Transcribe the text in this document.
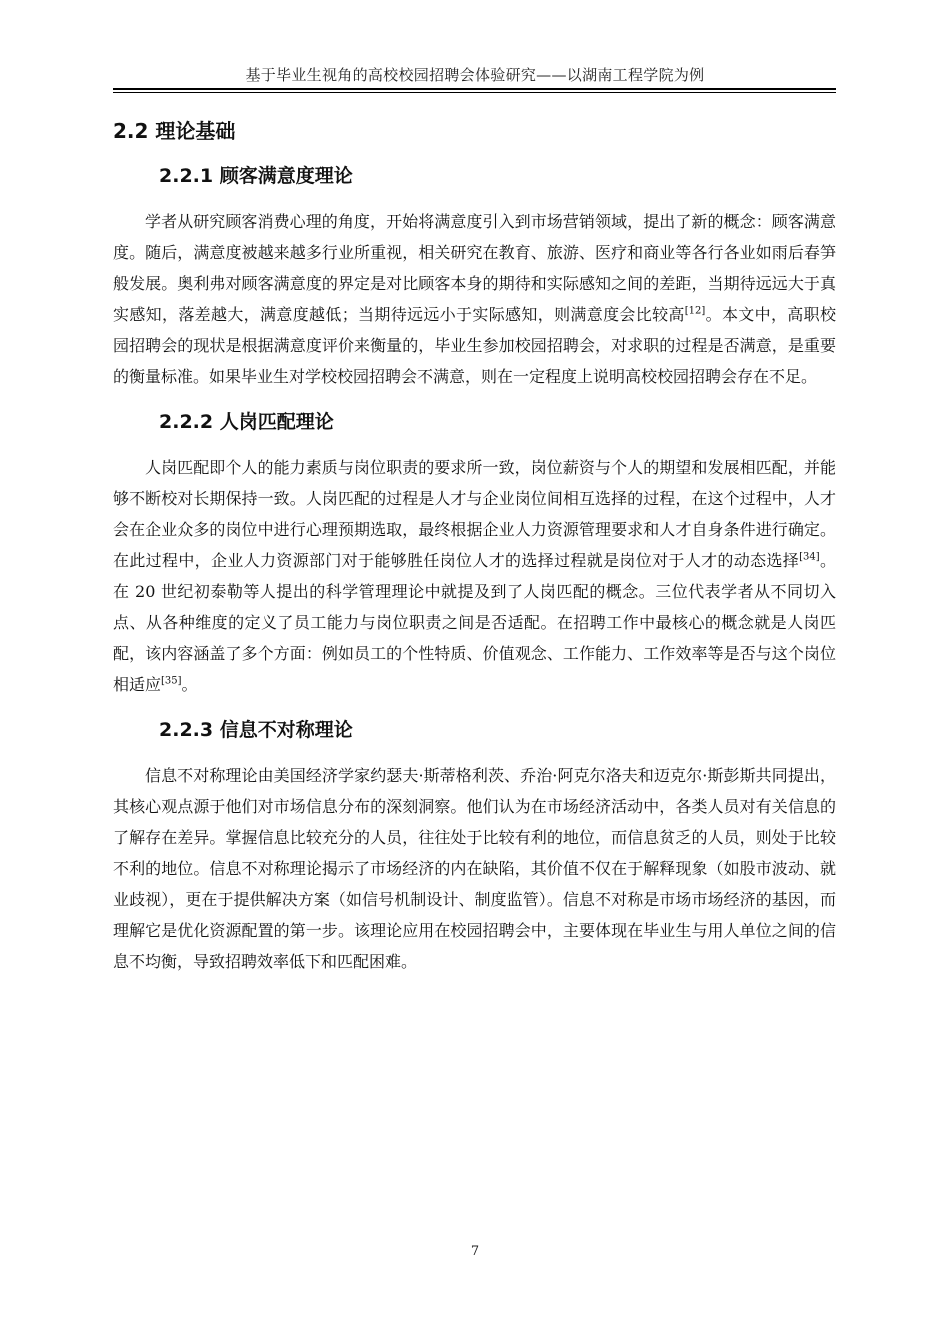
基于毕业生视角的高校校园招聘会体验研究——以湖南工程学院为例
2.2 理论基础
2.2.1 顾客满意度理论

学者从研究顾客消费心理的角度，开始将满意度引入到市场营销领域，提出了新的概念：顾客满意度。随后，满意度被越来越多行业所重视，相关研究在教育、旅游、医疗和商业等各行各业如雨后春笋般发展。奥利弗对顾客满意度的界定是对比顾客本身的期待和实际感知之间的差距，当期待远远大于真实感知，落差越大，满意度越低；当期待远远小于实际感知，则满意度会比较高[12]。本文中，高职校园招聘会的现状是根据满意度评价来衡量的，毕业生参加校园招聘会，对求职的过程是否满意，是重要的衡量标准。如果毕业生对学校校园招聘会不满意，则在一定程度上说明高校校园招聘会存在不足。

2.2.2 人岗匹配理论

人岗匹配即个人的能力素质与岗位职责的要求所一致，岗位薪资与个人的期望和发展相匹配，并能够不断校对长期保持一致。人岗匹配的过程是人才与企业岗位间相互选择的过程，在这个过程中，人才会在企业众多的岗位中进行心理预期选取，最终根据企业人力资源管理要求和人才自身条件进行确定。在此过程中，企业人力资源部门对于能够胜任岗位人才的选择过程就是岗位对于人才的动态选择[34]。在 20 世纪初泰勒等人提出的科学管理理论中就提及到了人岗匹配的概念。三位代表学者从不同切入点、从各种维度的定义了员工能力与岗位职责之间是否适配。在招聘工作中最核心的概念就是人岗匹配，该内容涵盖了多个方面：例如员工的个性特质、价值观念、工作能力、工作效率等是否与这个岗位相适应[35]。

2.2.3 信息不对称理论

信息不对称理论由美国经济学家约瑟夫·斯蒂格利茨、乔治·阿克尔洛夫和迈克尔·斯彭斯共同提出，其核心观点源于他们对市场信息分布的深刻洞察。他们认为在市场经济活动中，各类人员对有关信息的了解存在差异。掌握信息比较充分的人员，往往处于比较有利的地位，而信息贫乏的人员，则处于比较不利的地位。信息不对称理论揭示了市场经济的内在缺陷，其价值不仅在于解释现象（如股市波动、就业歧视），更在于提供解决方案（如信号机制设计、制度监管）。信息不对称是市场市场经济的基因，而理解它是优化资源配置的第一步。该理论应用在校园招聘会中，主要体现在毕业生与用人单位之间的信息不均衡，导致招聘效率低下和匹配困难。

7
